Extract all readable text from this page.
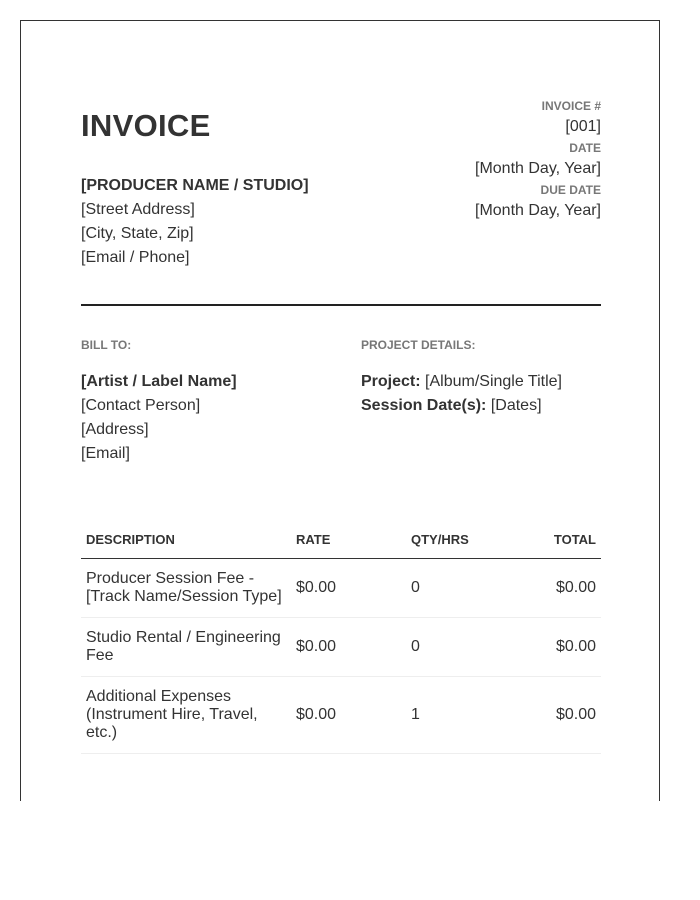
INVOICE
[PRODUCER NAME / STUDIO]
[Street Address]
[City, State, Zip]
[Email / Phone]
INVOICE #
[001]
DATE
[Month Day, Year]
DUE DATE
[Month Day, Year]
BILL TO:	PROJECT DETAILS:
[Artist / Label Name]
[Contact Person]
[Address]
[Email]
Project: [Album/Single Title]
Session Date(s): [Dates]
DESCRIPTION	RATE	QTY/HRS	TOTAL
Producer Session Fee - [Track Name/Session Type]	$0.00	0	$0.00
Studio Rental / Engineering Fee	$0.00	0	$0.00
Additional Expenses (Instrument Hire, Travel, etc.)	$0.00	1	$0.00
